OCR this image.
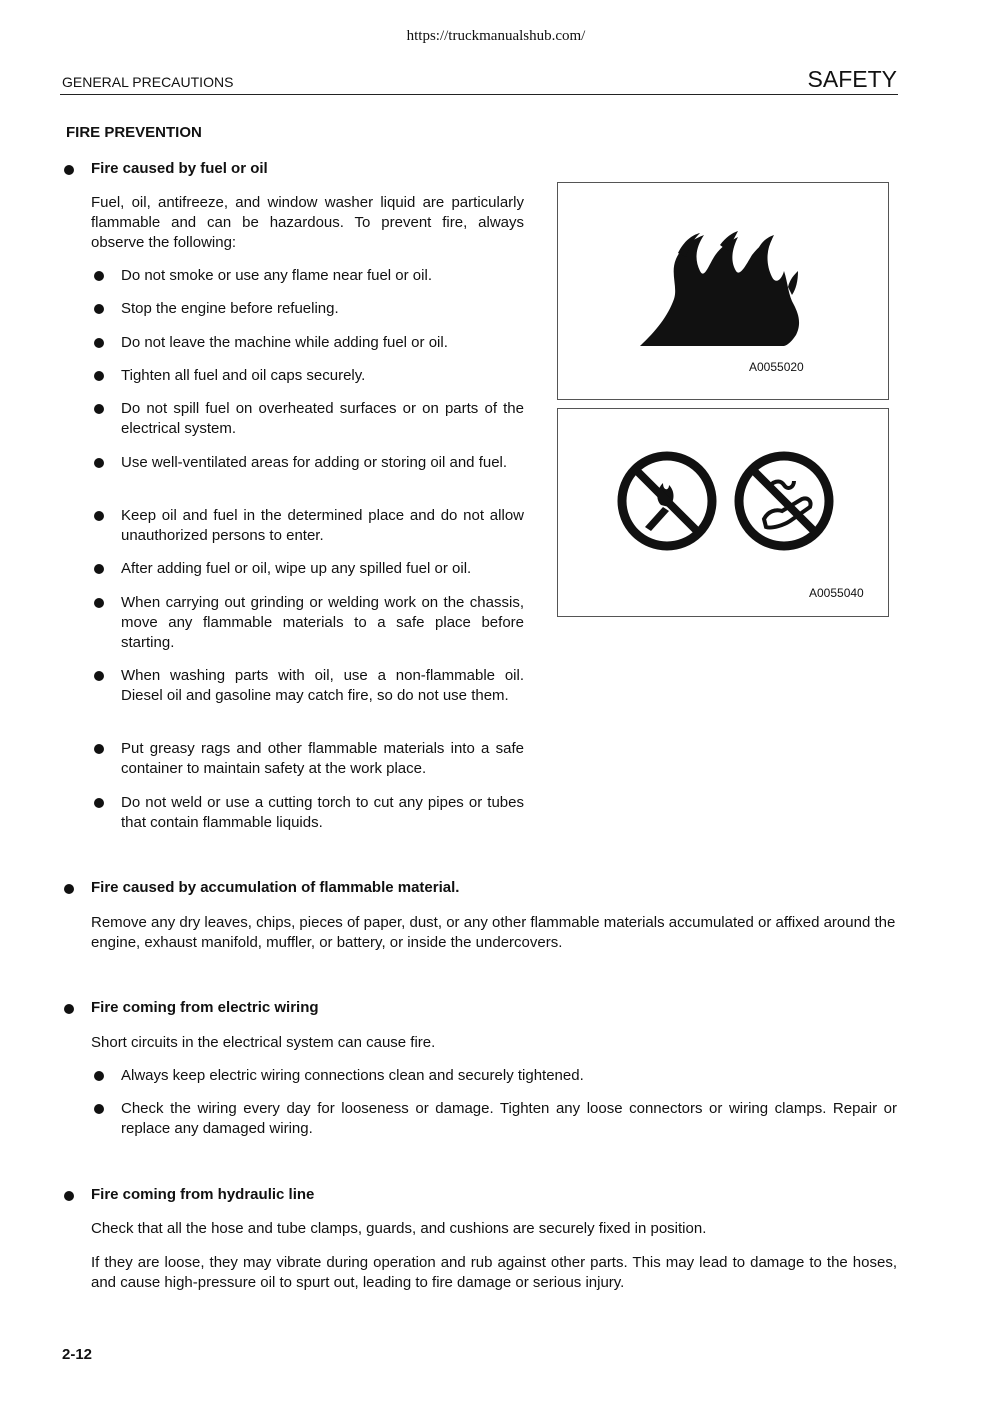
https://truckmanualshub.com/
GENERAL PRECAUTIONS	SAFETY
FIRE PREVENTION
Fire caused by fuel or oil
Fuel, oil, antifreeze, and window washer liquid are particularly flammable and can be hazardous. To prevent fire, always observe the following:
Do not smoke or use any flame near fuel or oil.
Stop the engine before refueling.
Do not leave the machine while adding fuel or oil.
Tighten all fuel and oil caps securely.
Do not spill fuel on overheated surfaces or on parts of the electrical system.
Use well-ventilated areas for adding or storing oil and fuel.
Keep oil and fuel in the determined place and do not allow unauthorized persons to enter.
After adding fuel or oil, wipe up any spilled fuel or oil.
When carrying out grinding or welding work on the chassis, move any flammable materials to a safe place before starting.
When washing parts with oil, use a non-flammable oil. Diesel oil and gasoline may catch fire, so do not use them.
Put greasy rags and other flammable materials into a safe container to maintain safety at the work place.
Do not weld or use a cutting torch to cut any pipes or tubes that contain flammable liquids.
A0055020
A0055040
Fire caused by accumulation of flammable material.
Remove any dry leaves, chips, pieces of paper, dust, or any other flammable materials accumulated or affixed around the engine, exhaust manifold, muffler, or battery, or inside the undercovers.
Fire coming from electric wiring
Short circuits in the electrical system can cause fire.
Always keep electric wiring connections clean and securely tightened.
Check the wiring every day for looseness or damage. Tighten any loose connectors or wiring clamps. Repair or replace any damaged wiring.
Fire coming from hydraulic line
Check that all the hose and tube clamps, guards, and cushions are securely fixed in position.
If they are loose, they may vibrate during operation and rub against other parts. This may lead to damage to the hoses, and cause high-pressure oil to spurt out, leading to fire damage or serious injury.
2-12
